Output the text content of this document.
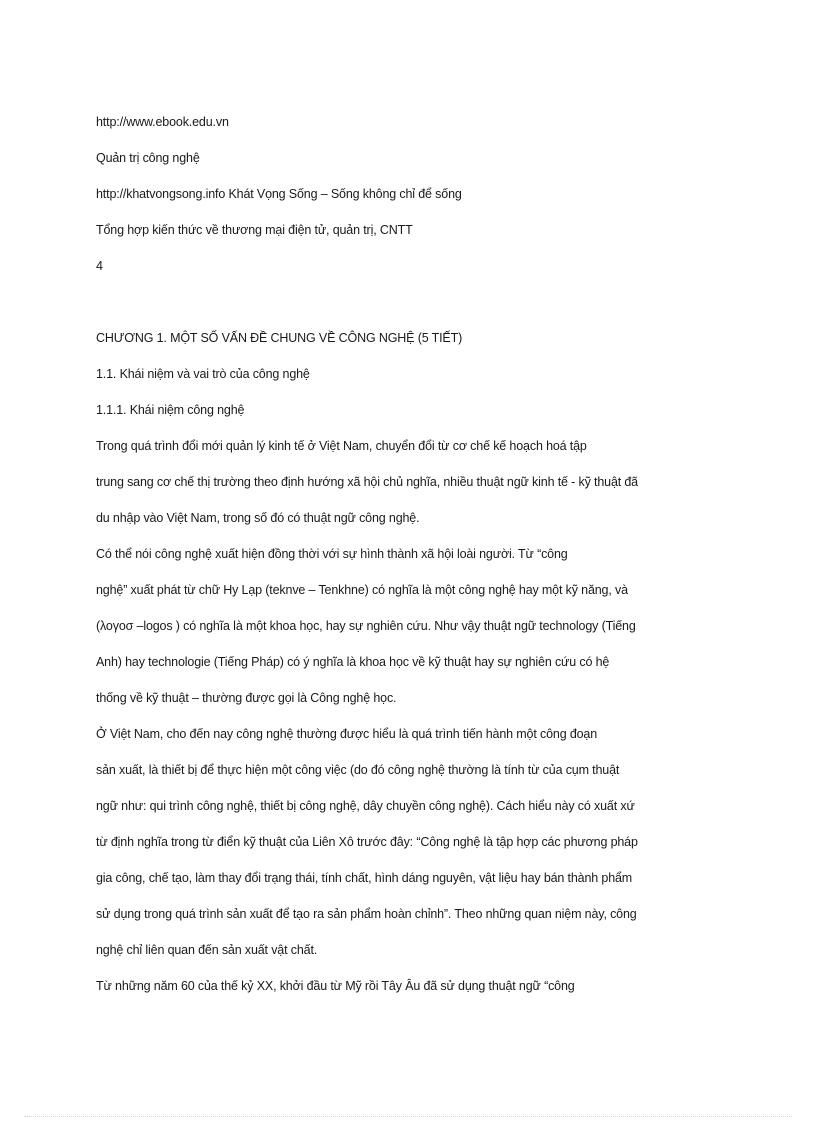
http://www.ebook.edu.vn
Quản trị công nghệ
http://khatvongsong.info Khát Vọng Sống – Sống không chỉ để sống
Tổng hợp kiến thức về thương mại điện tử, quản trị, CNTT
4
CHƯƠNG 1. MỘT SỐ VẤN ĐỀ CHUNG VỀ CÔNG NGHỆ (5 TIẾT)
1.1. Khái niệm và vai trò của công nghệ
1.1.1. Khái niệm công nghệ
Trong quá trình đổi mới quản lý kinh tế ở Việt Nam, chuyển đổi từ cơ chế kế hoạch hoá tập
trung sang cơ chế thị trường theo định hướng xã hội chủ nghĩa, nhiều thuật ngữ kinh tế - kỹ thuật đã
du nhập vào Việt Nam, trong số đó có thuật ngữ công nghệ.
Có thể nói công nghệ xuất hiện đồng thời với sự hình thành xã hội loài người. Từ “công
nghệ” xuất phát từ chữ Hy Lạp (teknve – Tenkhne) có nghĩa là một công nghệ hay một kỹ năng, và
(λογοσ –logos ) có nghĩa là một khoa học, hay sự nghiên cứu. Như vậy thuật ngữ technology (Tiếng
Anh) hay technologie (Tiếng Pháp) có ý nghĩa là khoa học về kỹ thuật hay sự nghiên cứu có hệ
thống về kỹ thuật – thường được gọi là Công nghệ học.
Ở Việt Nam, cho đến nay công nghệ thường được hiểu là quá trình tiến hành một công đoạn
sản xuất, là thiết bị để thực hiện một công việc (do đó công nghệ thường là tính từ của cụm thuật
ngữ như: qui trình công nghệ, thiết bị công nghệ, dây chuyền công nghệ). Cách hiểu này có xuất xứ
từ định nghĩa trong từ điển kỹ thuật của Liên Xô trước đây: “Công nghệ là tập hợp các phương pháp
gia công, chế tạo, làm thay đổi trạng thái, tính chất, hình dáng nguyên, vật liệu hay bán thành phẩm
sử dụng trong quá trình sản xuất để tạo ra sản phẩm hoàn chỉnh”. Theo những quan niệm này, công
nghệ chỉ liên quan đến sản xuất vật chất.
Từ những năm 60 của thế kỷ XX, khởi đầu từ Mỹ rồi Tây Âu đã sử dụng thuật ngữ “công
